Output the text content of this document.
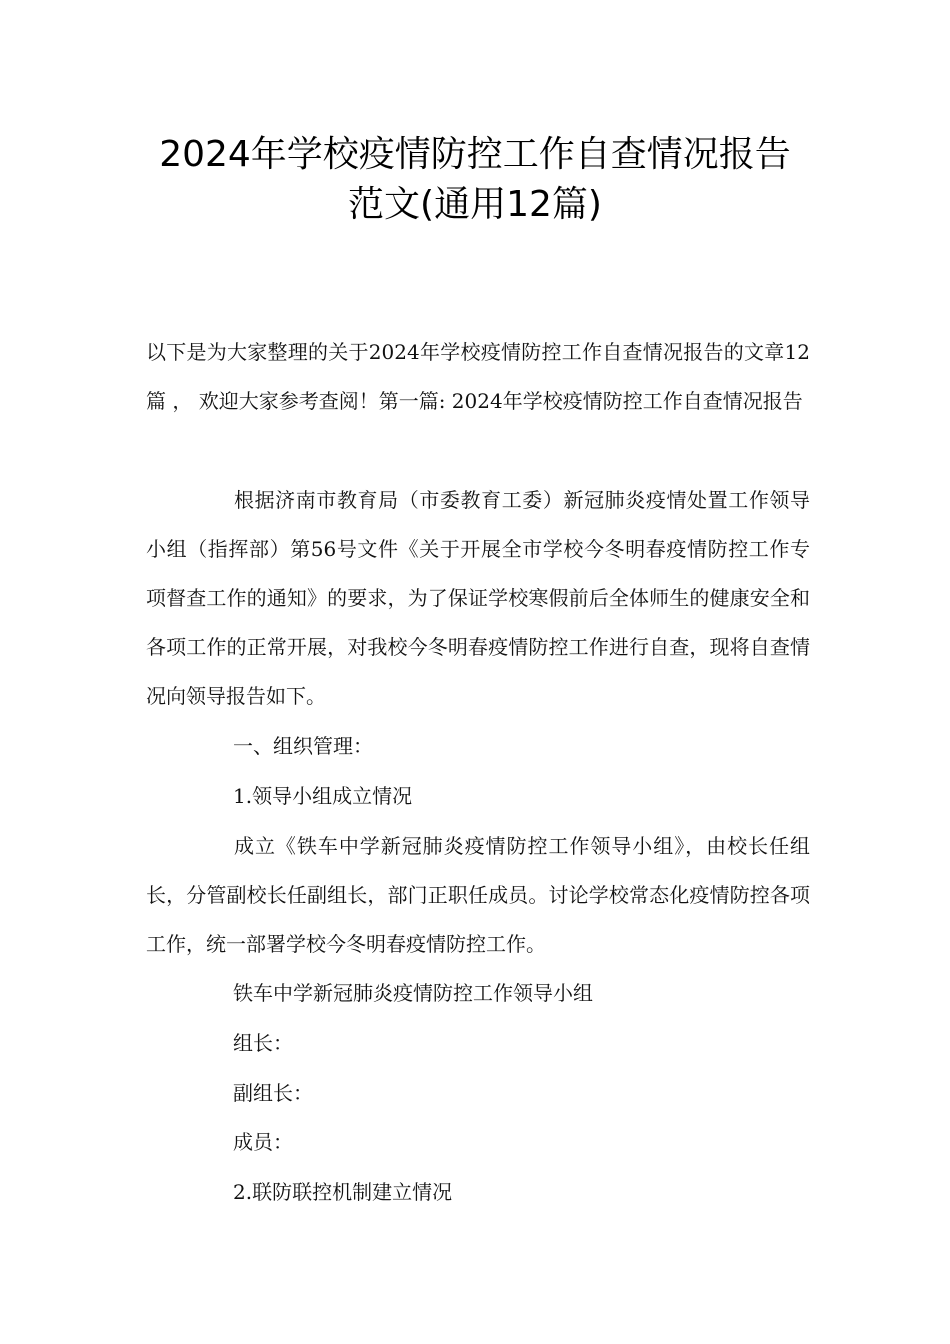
2024年学校疫情防控工作自查情况报告
范文(通用12篇)

以下是为大家整理的关于2024年学校疫情防控工作自查情况报告的文章12篇 ， 欢迎大家参考查阅！第一篇: 2024年学校疫情防控工作自查情况报告

根据济南市教育局（市委教育工委）新冠肺炎疫情处置工作领导小组（指挥部）第56号文件《关于开展全市学校今冬明春疫情防控工作专项督查工作的通知》的要求，为了保证学校寒假前后全体师生的健康安全和各项工作的正常开展，对我校今冬明春疫情防控工作进行自查，现将自查情况向领导报告如下。

一、组织管理：

1.领导小组成立情况

成立《铁车中学新冠肺炎疫情防控工作领导小组》，由校长任组长，分管副校长任副组长，部门正职任成员。讨论学校常态化疫情防控各项工作，统一部署学校今冬明春疫情防控工作。

铁车中学新冠肺炎疫情防控工作领导小组

组长：

副组长：

成员：

2.联防联控机制建立情况
